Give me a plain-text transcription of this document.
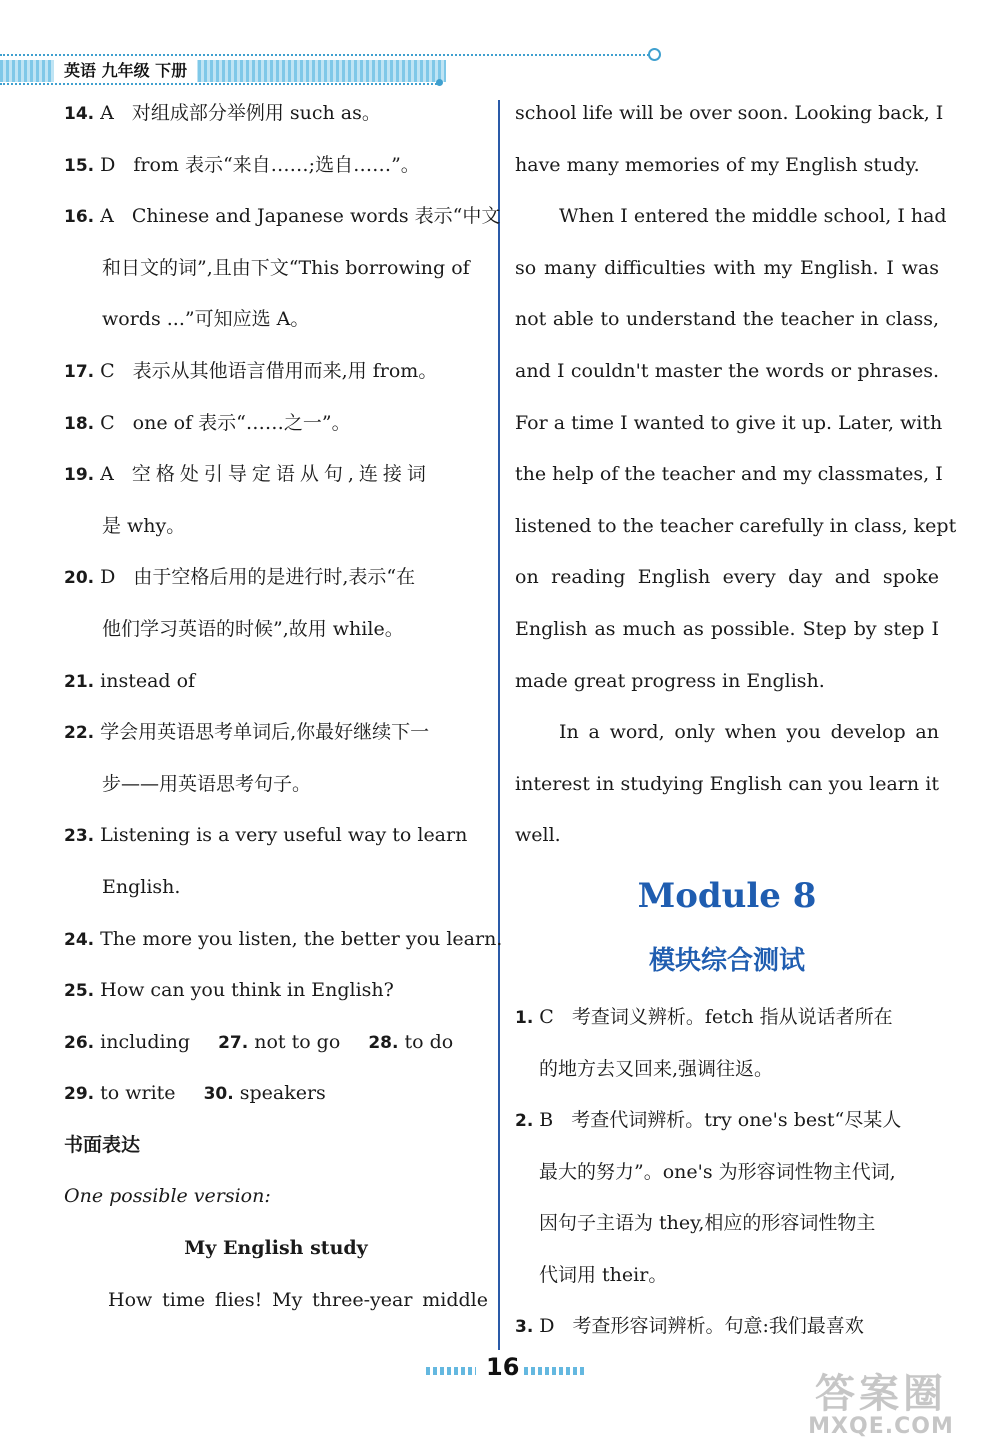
英语 九年级 下册
14. A 对组成部分举例用 such as。
15. D from 表示“来自……;选自……”。
16. A Chinese and Japanese words 表示“中文
和日文的词”,且由下文“This borrowing of
words ...”可知应选 A。
17. C 表示从其他语言借用而来,用 from。
18. C one of 表示“……之一”。
19. A 空格处引导定语从句,连接词
是 why。
20. D 由于空格后用的是进行时,表示“在
他们学习英语的时候”,故用 while。
21. instead of
22. 学会用英语思考单词后,你最好继续下一
步——用英语思考句子。
23. Listening is a very useful way to learn
English.
24. The more you listen, the better you learn.
25. How can you think in English?
26. including 27. not to go 28. to do
29. to write 30. speakers
书面表达
One possible version:
My English study
How time flies! My three-year middle
school life will be over soon. Looking back, I
have many memories of my English study.
When I entered the middle school, I had
so many difficulties with my English. I was
not able to understand the teacher in class,
and I couldn't master the words or phrases.
For a time I wanted to give it up. Later, with
the help of the teacher and my classmates, I
listened to the teacher carefully in class, kept
on reading English every day and spoke
English as much as possible. Step by step I
made great progress in English.
In a word, only when you develop an
interest in studying English can you learn it
well.
Module 8
模块综合测试
1. C 考查词义辨析。fetch 指从说话者所在
的地方去又回来,强调往返。
2. B 考查代词辨析。try one's best“尽某人
最大的努力”。one's 为形容词性物主代词,
因句子主语为 they,相应的形容词性物主
代词用 their。
3. D 考查形容词辨析。句意:我们最喜欢
16
答案圈
MXQE.COM
